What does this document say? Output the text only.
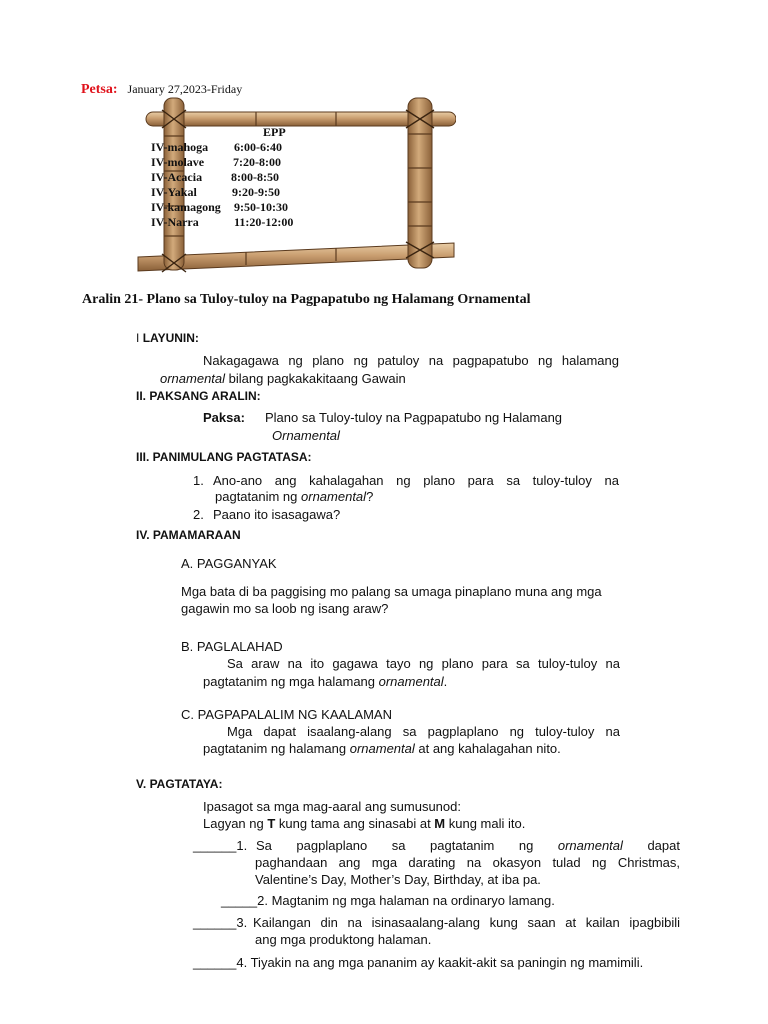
Petsa: January 27,2023-Friday
EPP
IV-mahoga 6:00-6:40
IV-molave 7:20-8:00
IV-Acacia 8:00-8:50
IV-Yakal	9:20-9:50
IV-kamagong 9:50-10:30
IV-Narra	11:20-12:00
Aralin 21- Plano sa Tuloy-tuloy na Pagpapatubo ng Halamang Ornamental
I LAYUNIN:
Nakagagawa ng plano ng patuloy na pagpapatubo ng halamang
ornamental bilang pagkakakitaang Gawain
II. PAKSANG ARALIN:
Paksa: Plano sa Tuloy-tuloy na Pagpapatubo ng Halamang
Ornamental
III. PANIMULANG PAGTATASA:
1. Ano-ano ang kahalagahan ng plano para sa tuloy-tuloy na
pagtatanim ng ornamental?
2. Paano ito isasagawa?
IV. PAMAMARAAN
A. PAGGANYAK
Mga bata di ba paggising mo palang sa umaga pinaplano muna ang mga
gagawin mo sa loob ng isang araw?
B. PAGLALAHAD
Sa araw na ito gagawa tayo ng plano para sa tuloy-tuloy na
pagtatanim ng mga halamang ornamental.
C. PAGPAPALALIM NG KAALAMAN
Mga dapat isaalang-alang sa pagplaplano ng tuloy-tuloy na
pagtatanim ng halamang ornamental at ang kahalagahan nito.
V. PAGTATAYA:
Ipasagot sa mga mag-aaral ang sumusunod:
Lagyan ng T kung tama ang sinasabi at M kung mali ito.
______1. Sa pagplaplano sa pagtatanim ng ornamental dapat
paghandaan ang mga darating na okasyon tulad ng Christmas,
Valentine’s Day, Mother’s Day, Birthday, at iba pa.
_____2. Magtanim ng mga halaman na ordinaryo lamang.
______3. Kailangan din na isinasaalang-alang kung saan at kailan ipagbibili
ang mga produktong halaman.
______4. Tiyakin na ang mga pananim ay kaakit-akit sa paningin ng mamimili.
